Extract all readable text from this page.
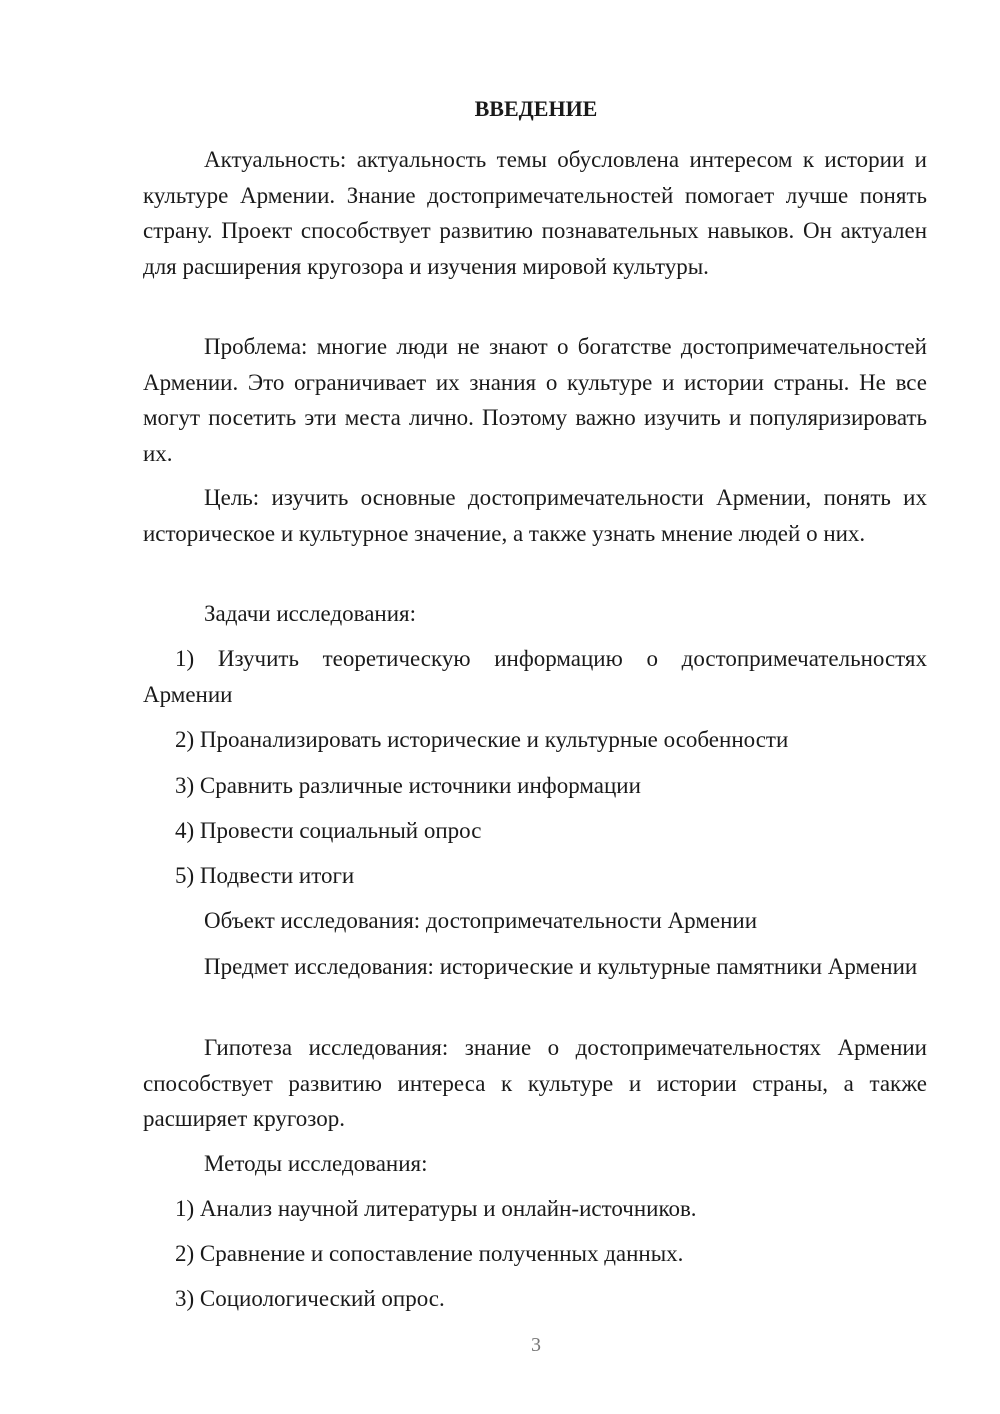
ВВЕДЕНИЕ

Актуальность: актуальность темы обусловлена интересом к истории и культуре Армении. Знание достопримечательностей помогает лучше понять страну. Проект способствует развитию познавательных навыков. Он актуален для расширения кругозора и изучения мировой культуры.

Проблема: многие люди не знают о богатстве достопримечательностей Армении. Это ограничивает их знания о культуре и истории страны. Не все могут посетить эти места лично. Поэтому важно изучить и популяризировать их.

Цель: изучить основные достопримечательности Армении, понять их историческое и культурное значение, а также узнать мнение людей о них.

Задачи исследования:

1) Изучить теоретическую информацию о достопримечательностях Армении

2) Проанализировать исторические и культурные особенности

3) Сравнить различные источники информации

4) Провести социальный опрос

5) Подвести итоги

Объект исследования: достопримечательности Армении

Предмет исследования: исторические и культурные памятники Армении

Гипотеза исследования: знание о достопримечательностях Армении способствует развитию интереса к культуре и истории страны, а также расширяет кругозор.

Методы исследования:

1) Анализ научной литературы и онлайн-источников.

2) Сравнение и сопоставление полученных данных.

3) Социологический опрос.

3
